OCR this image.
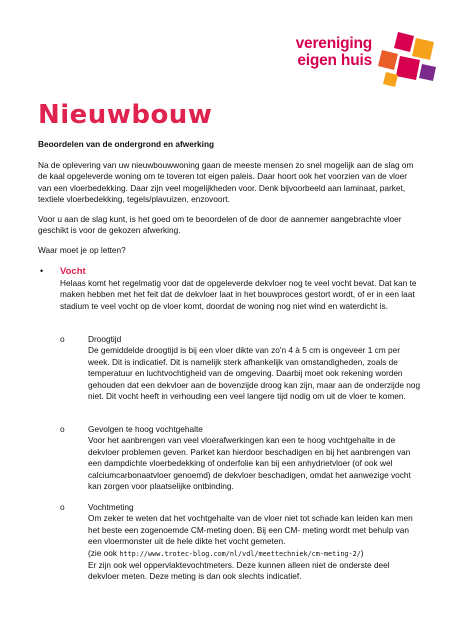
vereniging
eigen huis
Nieuwbouw

Beoordelen van de ondergrond en afwerking

Na de oplevering van uw nieuwbouwwoning gaan de meeste mensen zo snel mogelijk aan de slag om de kaal opgeleverde woning om te toveren tot eigen paleis. Daar hoort ook het voorzien van de vloer van een vloerbedekking. Daar zijn veel mogelijkheden voor. Denk bijvoorbeeld aan laminaat, parket, textiele vloerbedekking, tegels/plavuizen, enzovoort.

Voor u aan de slag kunt, is het goed om te beoordelen of de door de aannemer aangebrachte vloer geschikt is voor de gekozen afwerking.

Waar moet je op letten?

• Vocht

Helaas komt het regelmatig voor dat de opgeleverde dekvloer nog te veel vocht bevat. Dat kan te maken hebben met het feit dat de dekvloer laat in het bouwproces gestort wordt, of er in een laat stadium te veel vocht op de vloer komt, doordat de woning nog niet wind en waterdicht is.

o	Droogtijd

De gemiddelde droogtijd is bij een vloer dikte van zo'n 4 à 5 cm is ongeveer 1 cm per week. Dit is indicatief. Dit is namelijk sterk afhankelijk van omstandigheden, zoals de temperatuur en luchtvochtigheid van de omgeving. Daarbij moet ook rekening worden gehouden dat een dekvloer aan de bovenzijde droog kan zijn, maar aan de onderzijde nog niet. Dit vocht heeft in verhouding een veel langere tijd nodig om uit de vloer te komen.

o	Gevolgen te hoog vochtgehalte

Voor het aanbrengen van veel vloerafwerkingen kan een te hoog vochtgehalte in de dekvloer problemen geven. Parket kan hierdoor beschadigen en bij het aanbrengen van een dampdichte vloerbedekking of onderfolie kan bij een anhydrietvloer (of ook wel calciumcarbonaatvloer genoemd) de dekvloer beschadigen, omdat het aanwezige vocht kan zorgen voor plaatselijke ontbinding.

o	Vochtmeting

Om zeker te weten dat het vochtgehalte van de vloer niet tot schade kan leiden kan men het beste een zogenoemde CM-meting doen. Bij een CM- meting wordt met behulp van een vloermonster uit de hele dikte het vocht gemeten.

(zie ook http://www.trotec-blog.com/nl/vdl/meettechniek/cm-meting-2/)

Er zijn ook wel oppervlaktevochtmeters. Deze kunnen alleen niet de onderste deel dekvloer meten. Deze meting is dan ook slechts indicatief.
